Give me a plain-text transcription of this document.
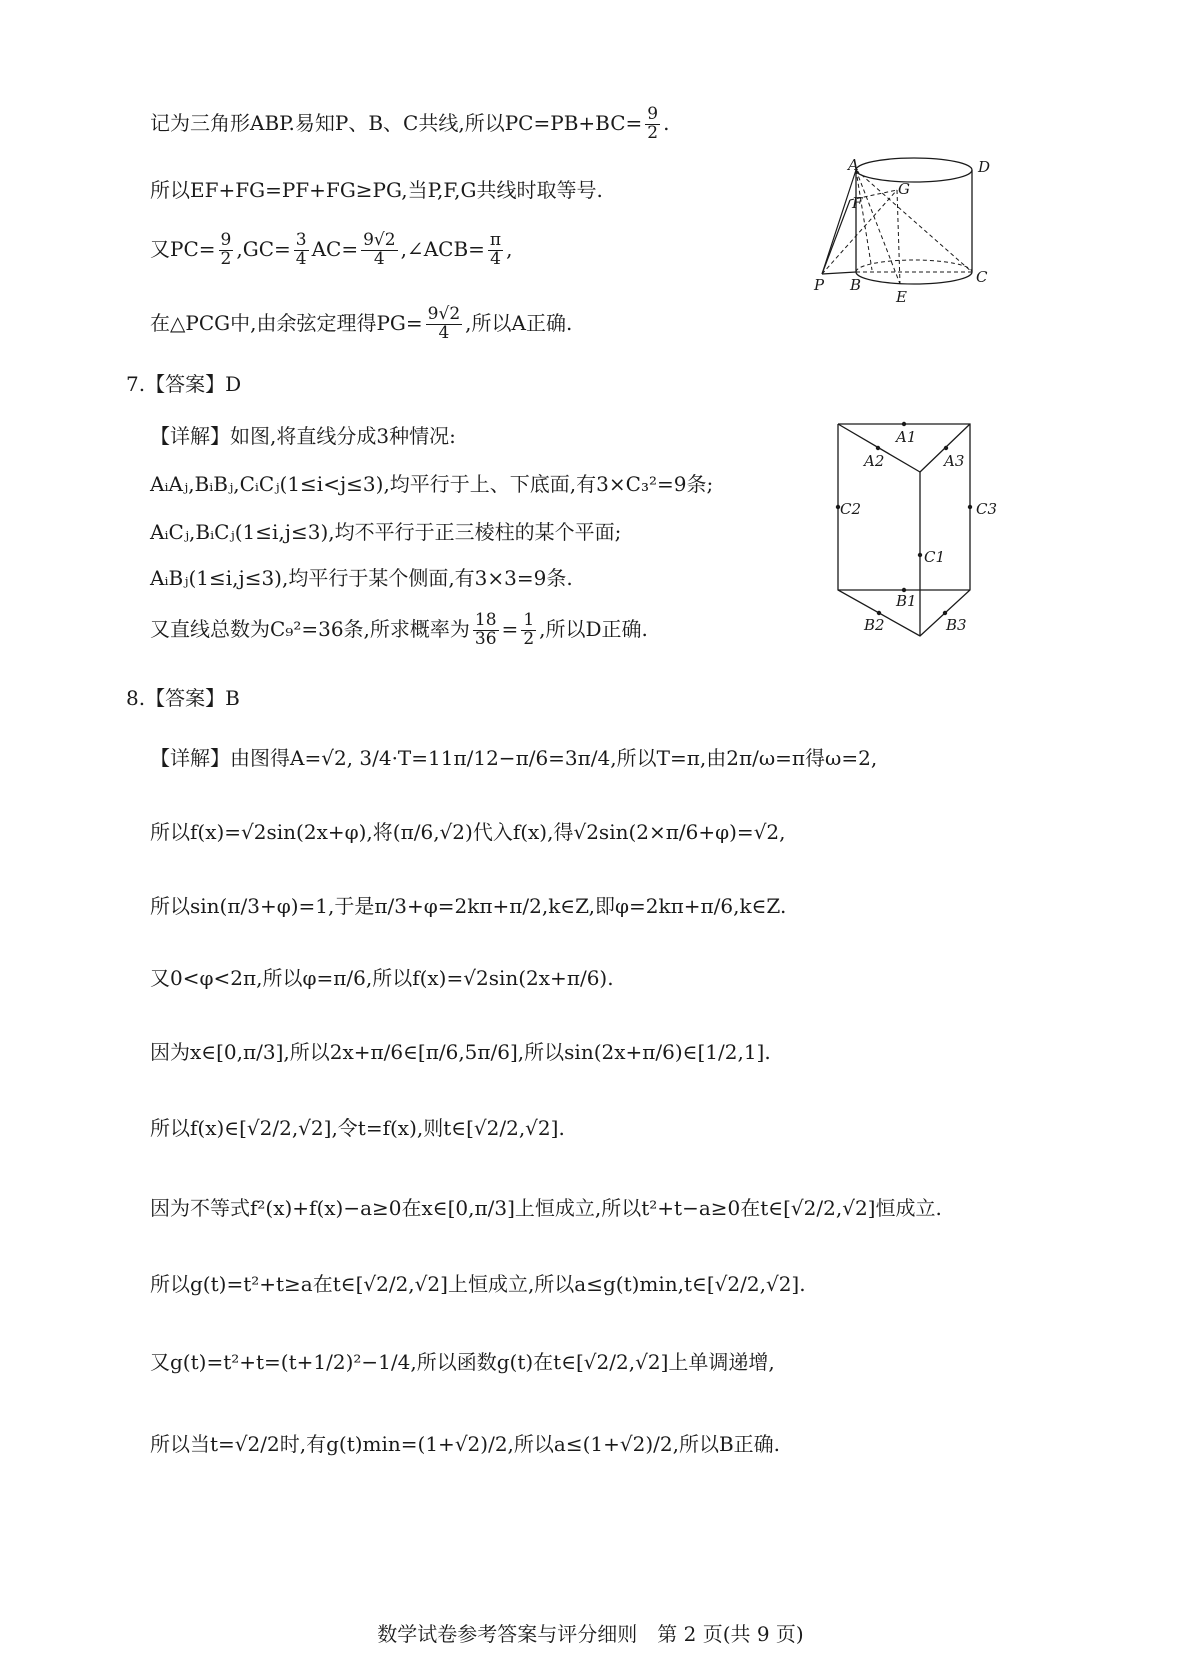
记为三角形ABP.易知P、B、C共线,所以$PC=PB+BC= \frac{9}{2}$ .
所以EF+FG=PF+FG≥PG,当P,F,G共线时取等号.
又$PC= \frac{9}{2} ,GC= \frac{3}{4} AC= \frac{9√2}{4}$ ,∠ACB= $\frac{\pi}{4}$ ,
在△PCG中,由余弦定理得$PG= \frac{9√2}{4}$ ,所以A正确.
A	D
G
F
P B
E
C
7.【答案】D
【详解】如图,将直线分成3种情况:
AᵢAⱼ,BᵢBⱼ,CᵢCⱼ(1≤i<j≤3),均平行于上、下底面,有3×C₃²=9条;
AᵢCⱼ,BᵢCⱼ(1≤i,j≤3),均不平行于正三棱柱的某个平面;
AᵢBⱼ(1≤i,j≤3),均平行于某个侧面,有3×3=9条.
又直线总数为C₉²=36条,所求概率为 $\frac{18}{36} = \frac{1}{2}$ ,所以D正确.
A1
A2	A3
C2	C3
C1
B1
B2	B3
8.【答案】B
【详解】由图得A=√2, 3/4·T=11π/12−π/6=3π/4,所以T=π,由2π/ω=π得ω=2,
所以f(x)=√2sin(2x+φ),将(π/6,√2)代入f(x),得√2sin(2×π/6+φ)=√2,
所以sin(π/3+φ)=1,于是π/3+φ=2kπ+π/2,k∈Z,即φ=2kπ+π/6,k∈Z.
又0<φ<2π,所以φ=π/6,所以f(x)=√2sin(2x+π/6).
因为x∈[0,π/3],所以2x+π/6∈[π/6,5π/6],所以sin(2x+π/6)∈[1/2,1].
所以f(x)∈[√2/2,√2],令t=f(x),则t∈[√2/2,√2].
因为不等式f²(x)+f(x)−a≥0在x∈[0,π/3]上恒成立,所以t²+t−a≥0在t∈[√2/2,√2]恒成立.
所以g(t)=t²+t≥a在t∈[√2/2,√2]上恒成立,所以a≤g(t)min,t∈[√2/2,√2].
又g(t)=t²+t=(t+1/2)²−1/4,所以函数g(t)在t∈[√2/2,√2]上单调递增,
所以当t=√2/2时,有g(t)min=(1+√2)/2,所以a≤(1+√2)/2,所以B正确.
数学试卷参考答案与评分细则　第 2 页(共 9 页)
